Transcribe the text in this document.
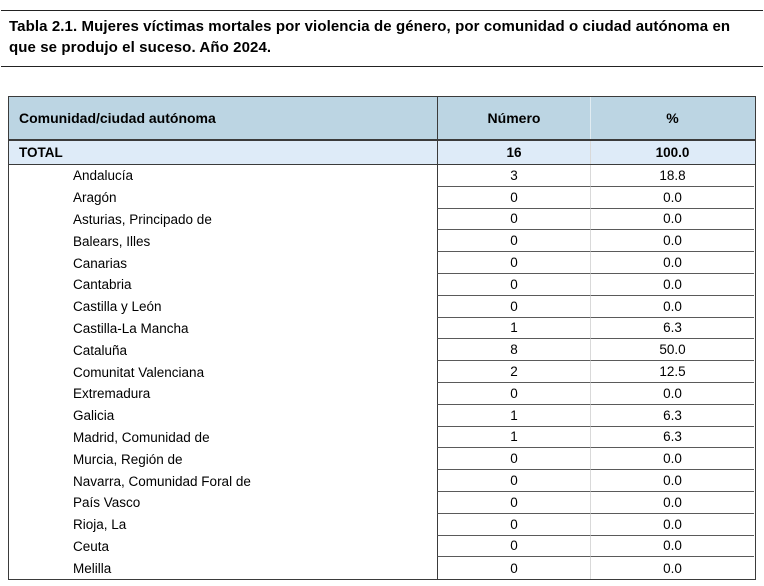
Tabla 2.1. Mujeres víctimas mortales por violencia de género, por comunidad o ciudad autónoma en que se produjo el suceso. Año 2024.
Comunidad/ciudad autónoma	Número	%
TOTAL	16	100.0
Andalucía	3	18.8
Aragón	0	0.0
Asturias, Principado de	0	0.0
Balears, Illes	0	0.0
Canarias	0	0.0
Cantabria	0	0.0
Castilla y León	0	0.0
Castilla-La Mancha	1	6.3
Cataluña	8	50.0
Comunitat Valenciana	2	12.5
Extremadura	0	0.0
Galicia	1	6.3
Madrid, Comunidad de	1	6.3
Murcia, Región de	0	0.0
Navarra, Comunidad Foral de	0	0.0
País Vasco	0	0.0
Rioja, La	0	0.0
Ceuta	0	0.0
Melilla	0	0.0
